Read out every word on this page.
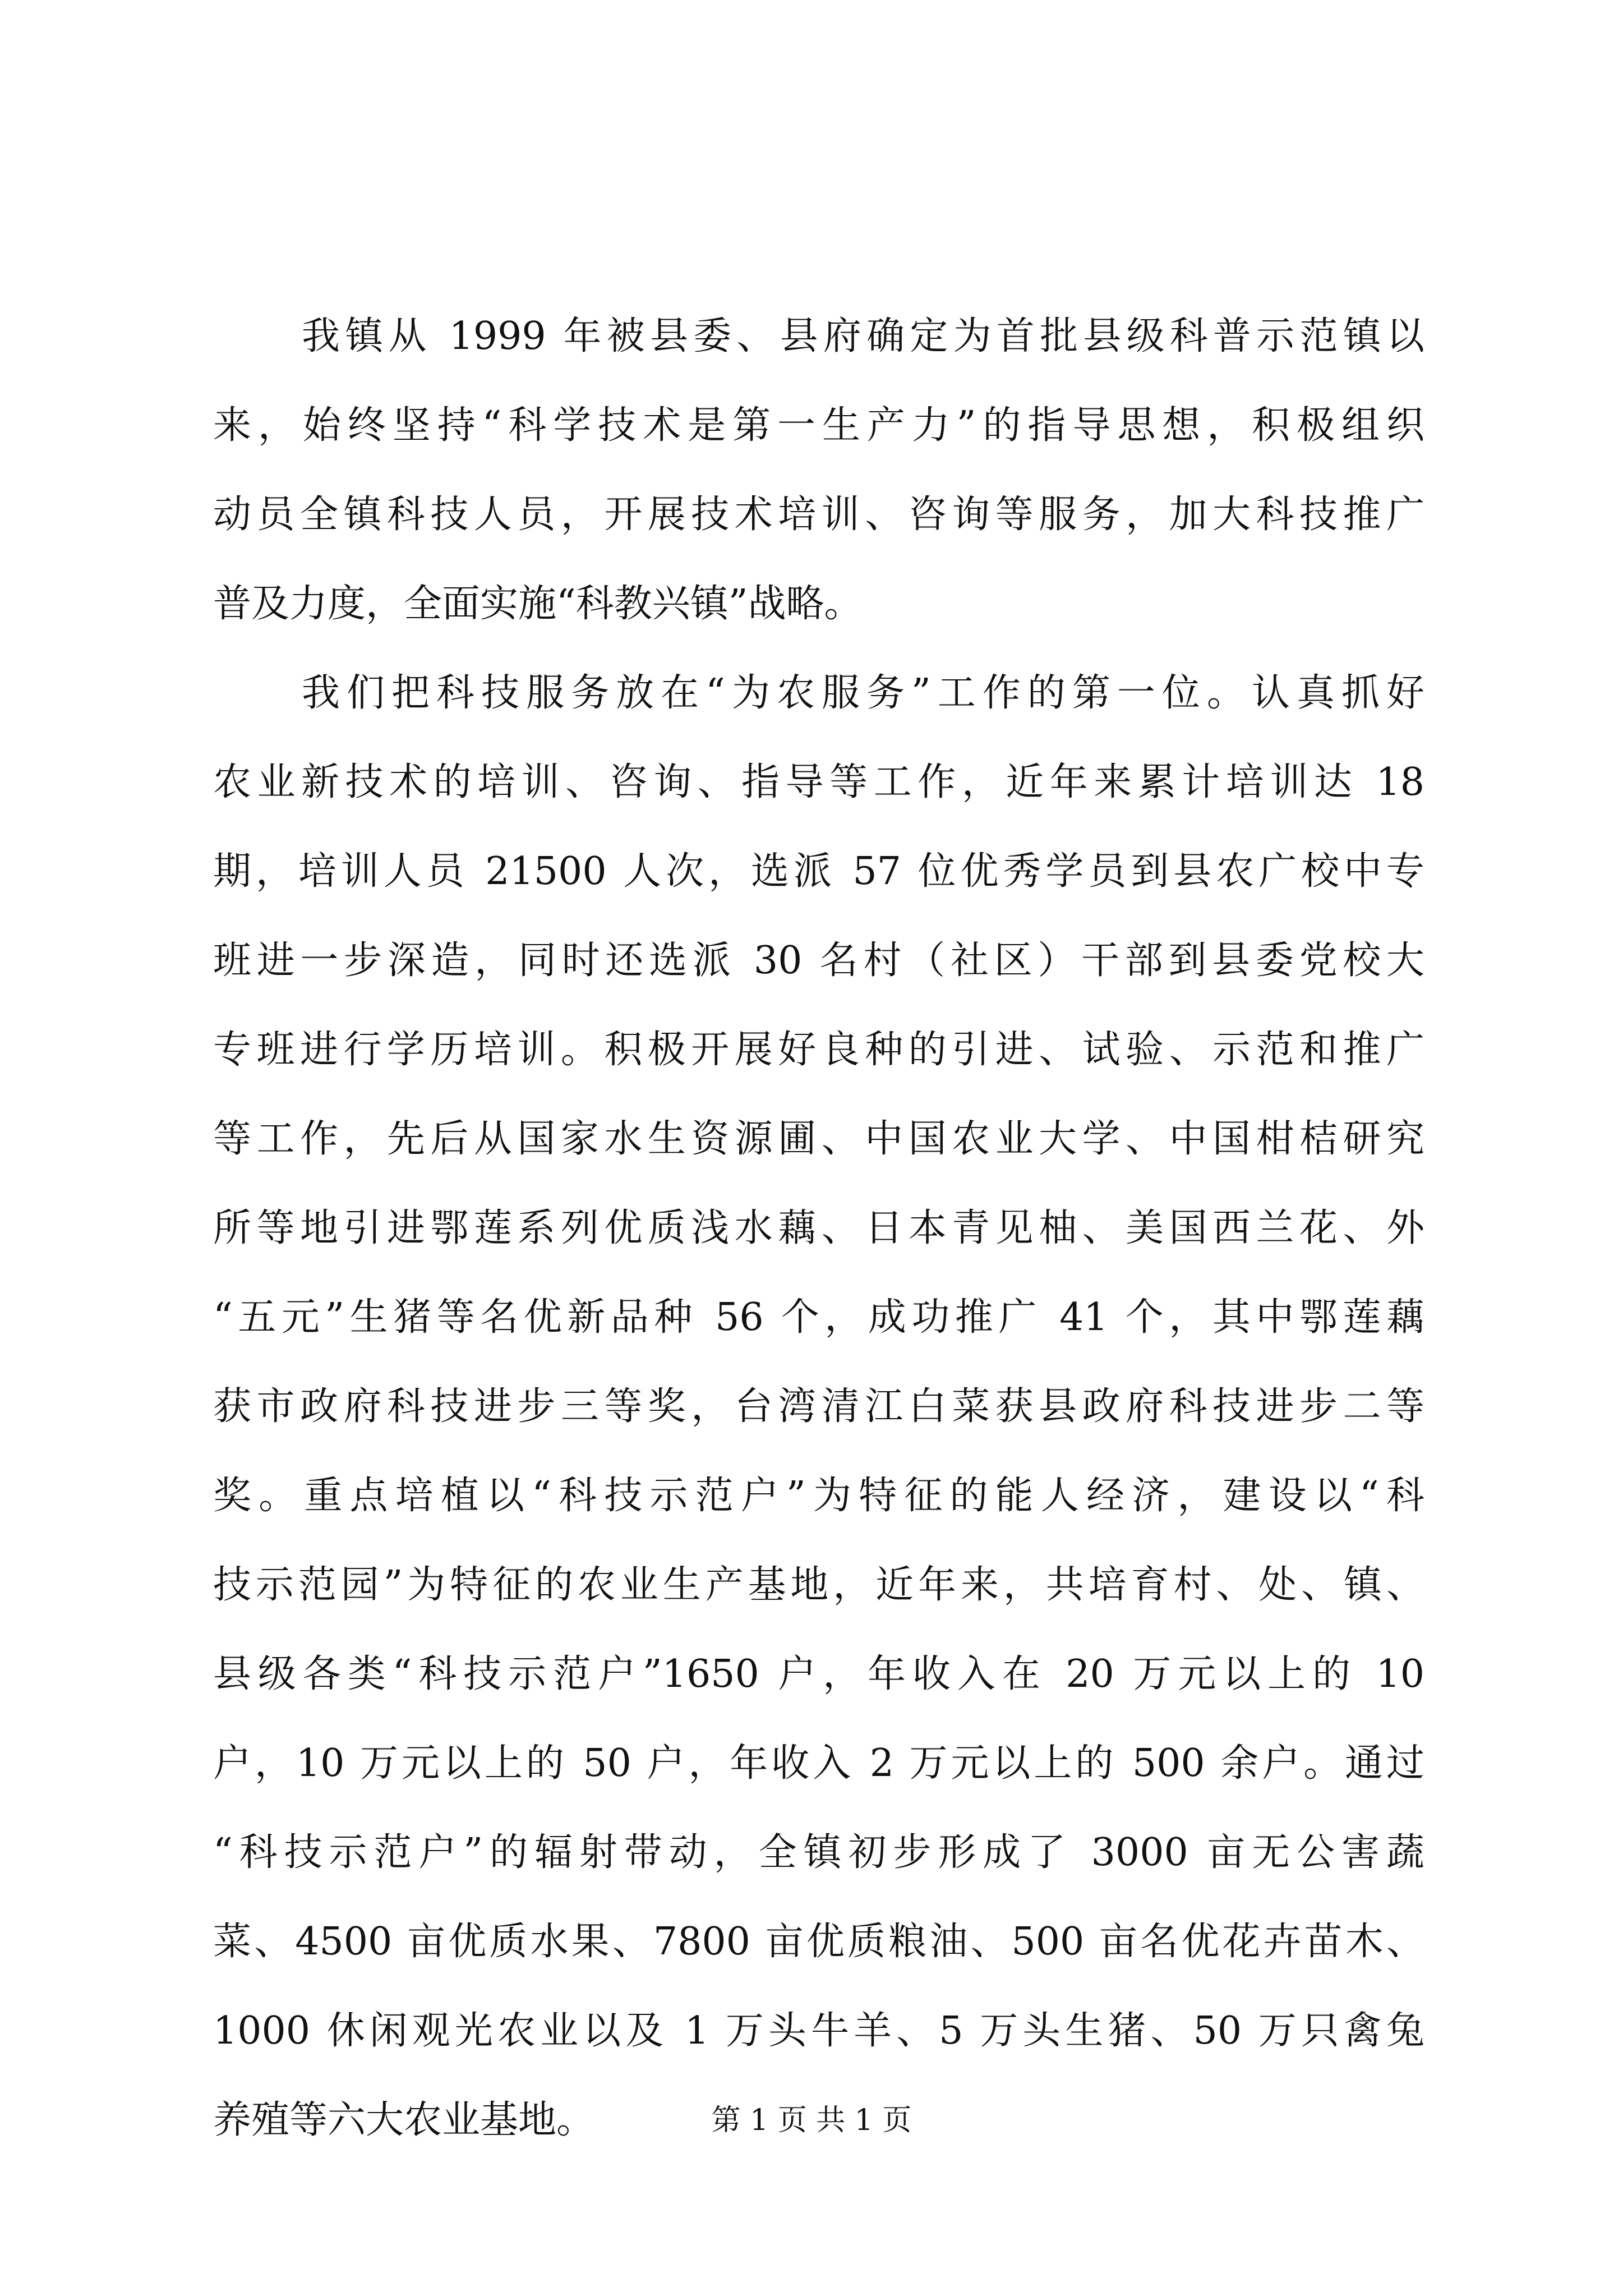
我镇从 1999 年被县委、县府确定为首批县级科普示范镇以
来，始终坚持“科学技术是第一生产力”的指导思想，积极组织
动员全镇科技人员，开展技术培训、咨询等服务，加大科技推广
普及力度，全面实施“科教兴镇”战略。
我们把科技服务放在“为农服务”工作的第一位。认真抓好
农业新技术的培训、咨询、指导等工作，近年来累计培训达 18
期，培训人员 21500 人次，选派 57 位优秀学员到县农广校中专
班进一步深造，同时还选派 30 名村（社区）干部到县委党校大
专班进行学历培训。积极开展好良种的引进、试验、示范和推广
等工作，先后从国家水生资源圃、中国农业大学、中国柑桔研究
所等地引进鄂莲系列优质浅水藕、日本青见柚、美国西兰花、外
“五元”生猪等名优新品种 56 个，成功推广 41 个，其中鄂莲藕
获市政府科技进步三等奖，台湾清江白菜获县政府科技进步二等
奖。重点培植以“科技示范户”为特征的能人经济，建设以“科
技示范园”为特征的农业生产基地，近年来，共培育村、处、镇、
县级各类“科技示范户”1650 户，年收入在 20 万元以上的 10
户，10 万元以上的 50 户，年收入 2 万元以上的 500 余户。通过
“科技示范户”的辐射带动，全镇初步形成了 3000 亩无公害蔬
菜、4500 亩优质水果、7800 亩优质粮油、500 亩名优花卉苗木、
1000 休闲观光农业以及 1 万头牛羊、5 万头生猪、50 万只禽兔
养殖等六大农业基地。	第 1 页 共 1 页
